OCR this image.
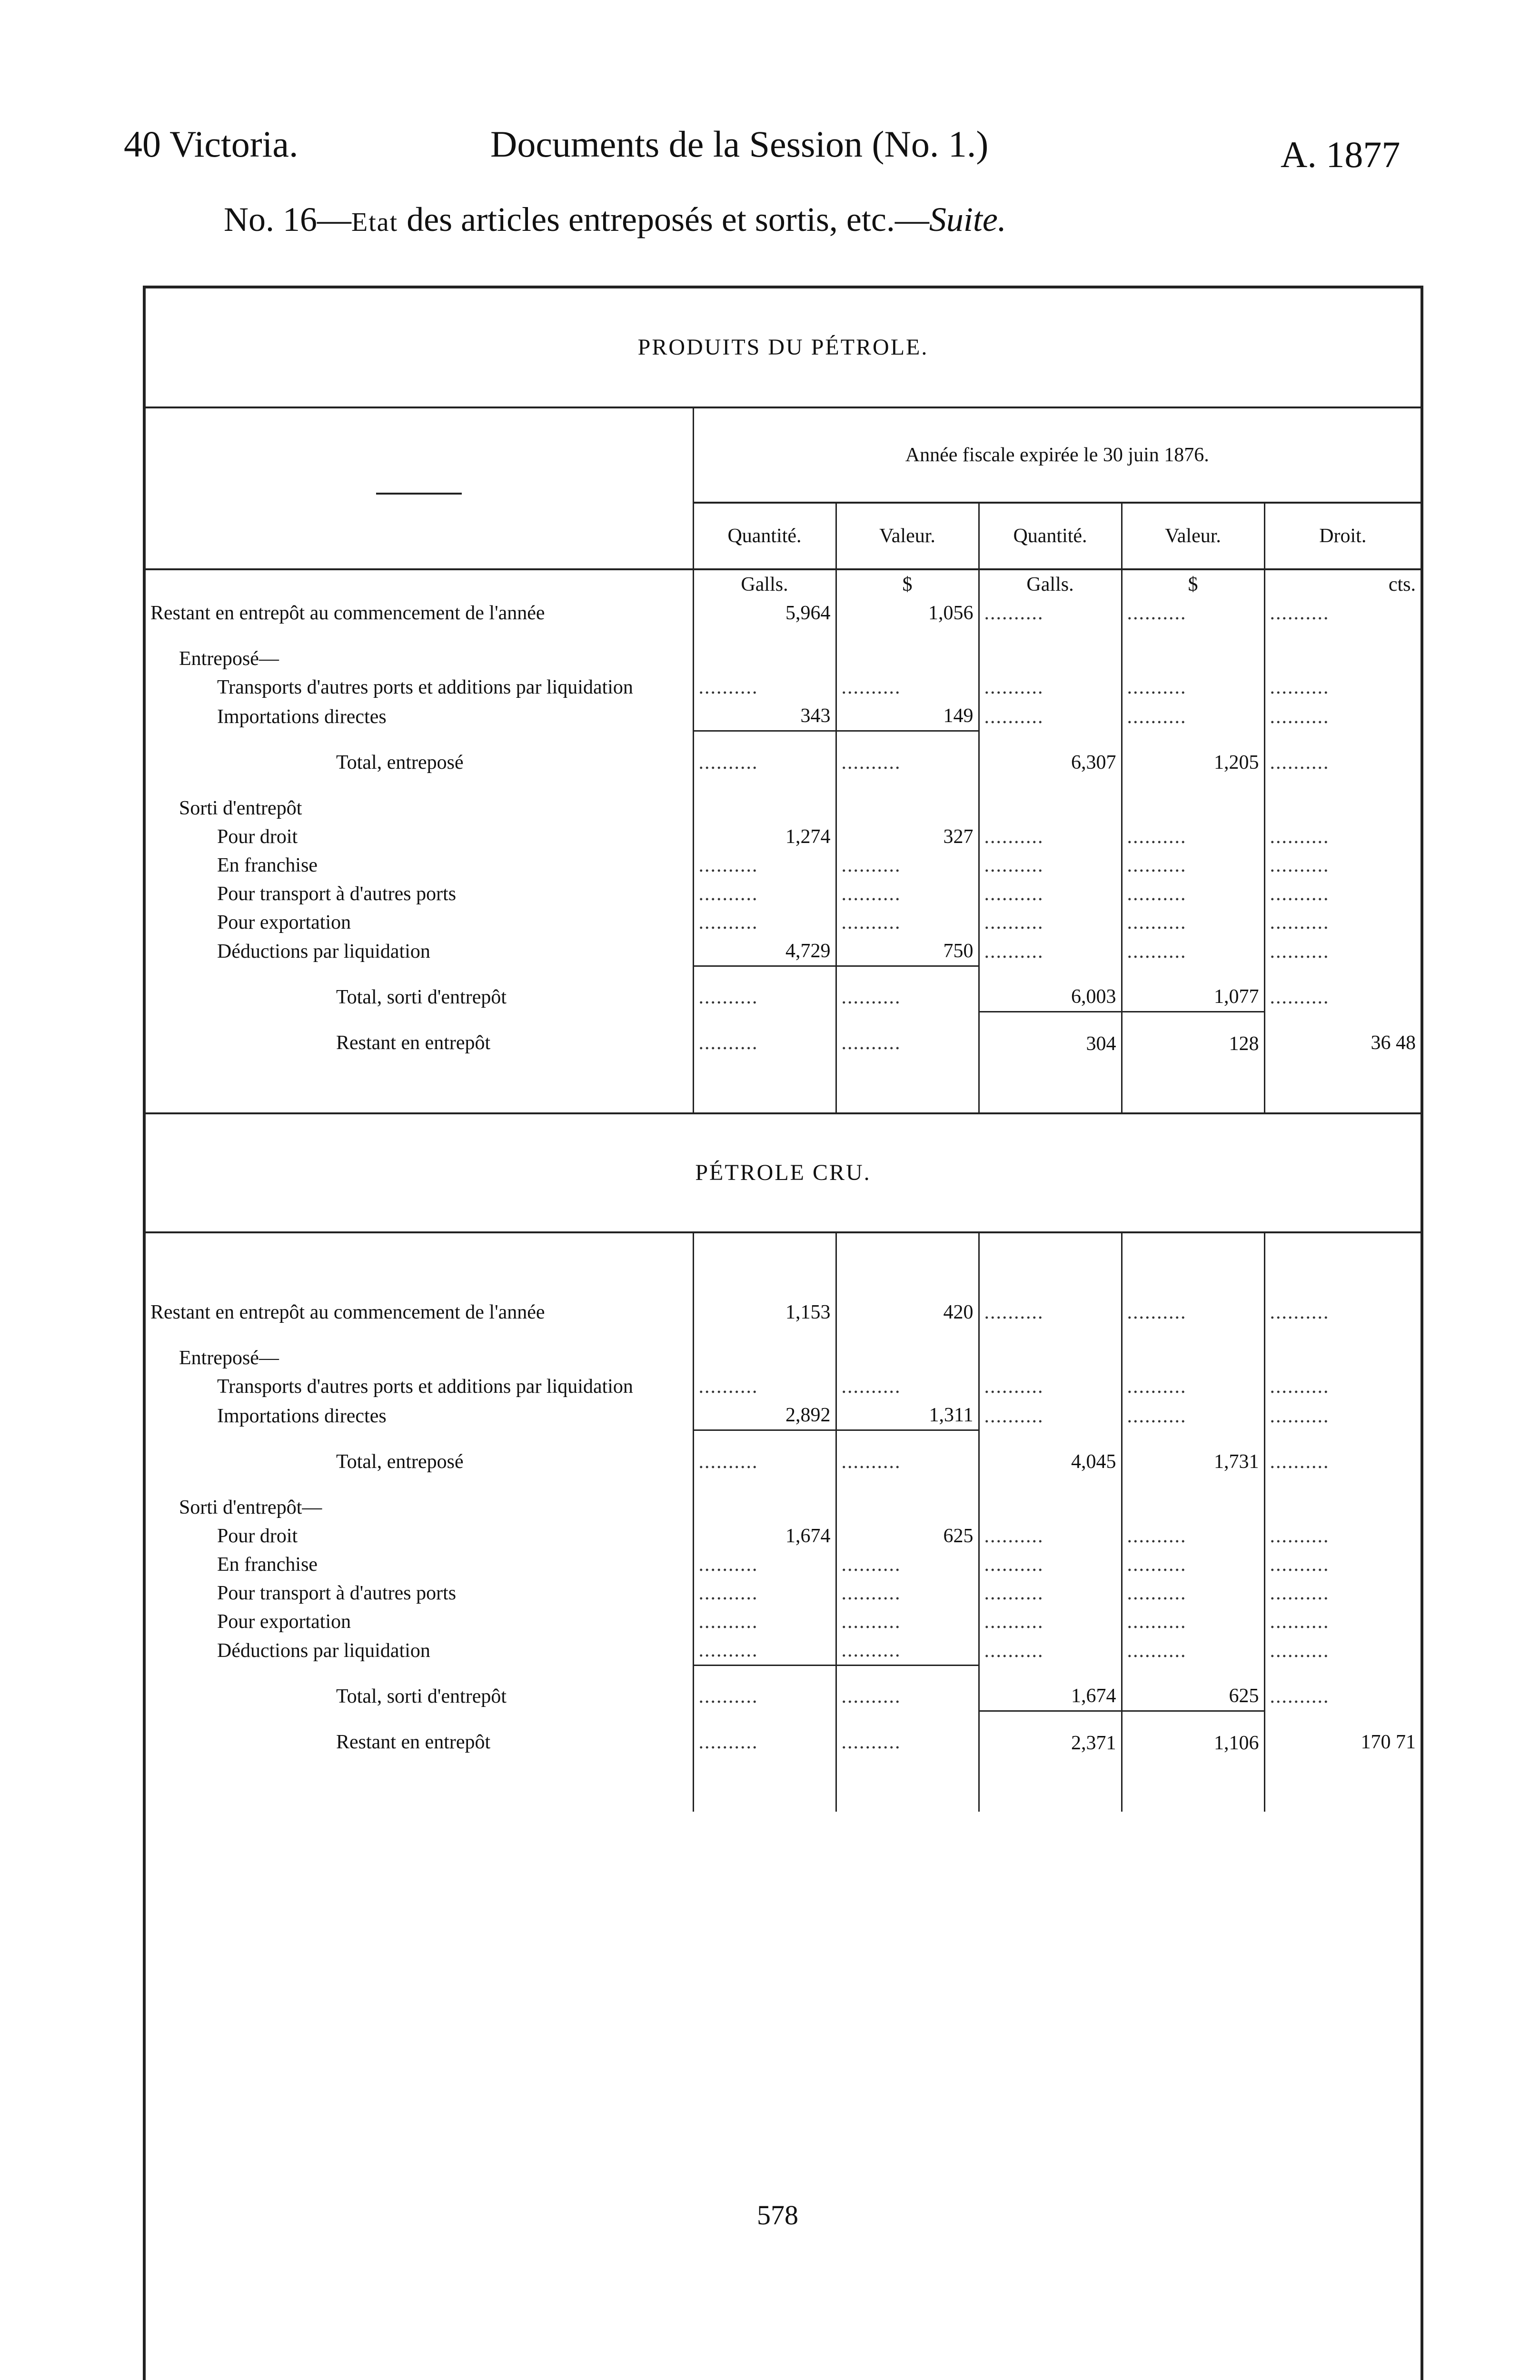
40 Victoria.	Documents de la Session (No. 1.)	A. 1877
No. 16—Etat des articles entreposés et sortis, etc.—Suite.
PRODUITS DU PÉTROLE.					
	Année fiscale expirée le 30 juin 1876.				
	Quantité.	Valeur.	Quantité.	Valeur.	Droit.
	Galls.	$	Galls.	$	cts.
Restant en entrepôt au commencement de l'année	5,964	1,056	..........	..........	..........
Entreposé—					
Transports d'autres ports et additions par liquidation	..........	..........	..........	..........	..........
Importations directes	343	149	..........	..........	..........
Total, entreposé	..........	..........	6,307	1,205	..........
Sorti d'entrepôt					
Pour droit	1,274	327	..........	..........	..........
En franchise	..........	..........	..........	..........	..........
Pour transport à d'autres ports	..........	..........	..........	..........	..........
Pour exportation	..........	..........	..........	..........	..........
Déductions par liquidation	4,729	750	..........	..........	..........
Total, sorti d'entrepôt	..........	..........	6,003	1,077	..........
Restant en entrepôt	..........	..........	304	128	36 48
PÉTROLE CRU.					
Restant en entrepôt au commencement de l'année	1,153	420	..........	..........	..........
Entreposé—					
Transports d'autres ports et additions par liquidation	..........	..........	..........	..........	..........
Importations directes	2,892	1,311	..........	..........	..........
Total, entreposé	..........	..........	4,045	1,731	..........
Sorti d'entrepôt—					
Pour droit	1,674	625	..........	..........	..........
En franchise	..........	..........	..........	..........	..........
Pour transport à d'autres ports	..........	..........	..........	..........	..........
Pour exportation	..........	..........	..........	..........	..........
Déductions par liquidation	..........	..........	..........	..........	..........
Total, sorti d'entrepôt	..........	..........	1,674	625	..........
Restant en entrepôt	..........	..........	2,371	1,106	170 71
578
